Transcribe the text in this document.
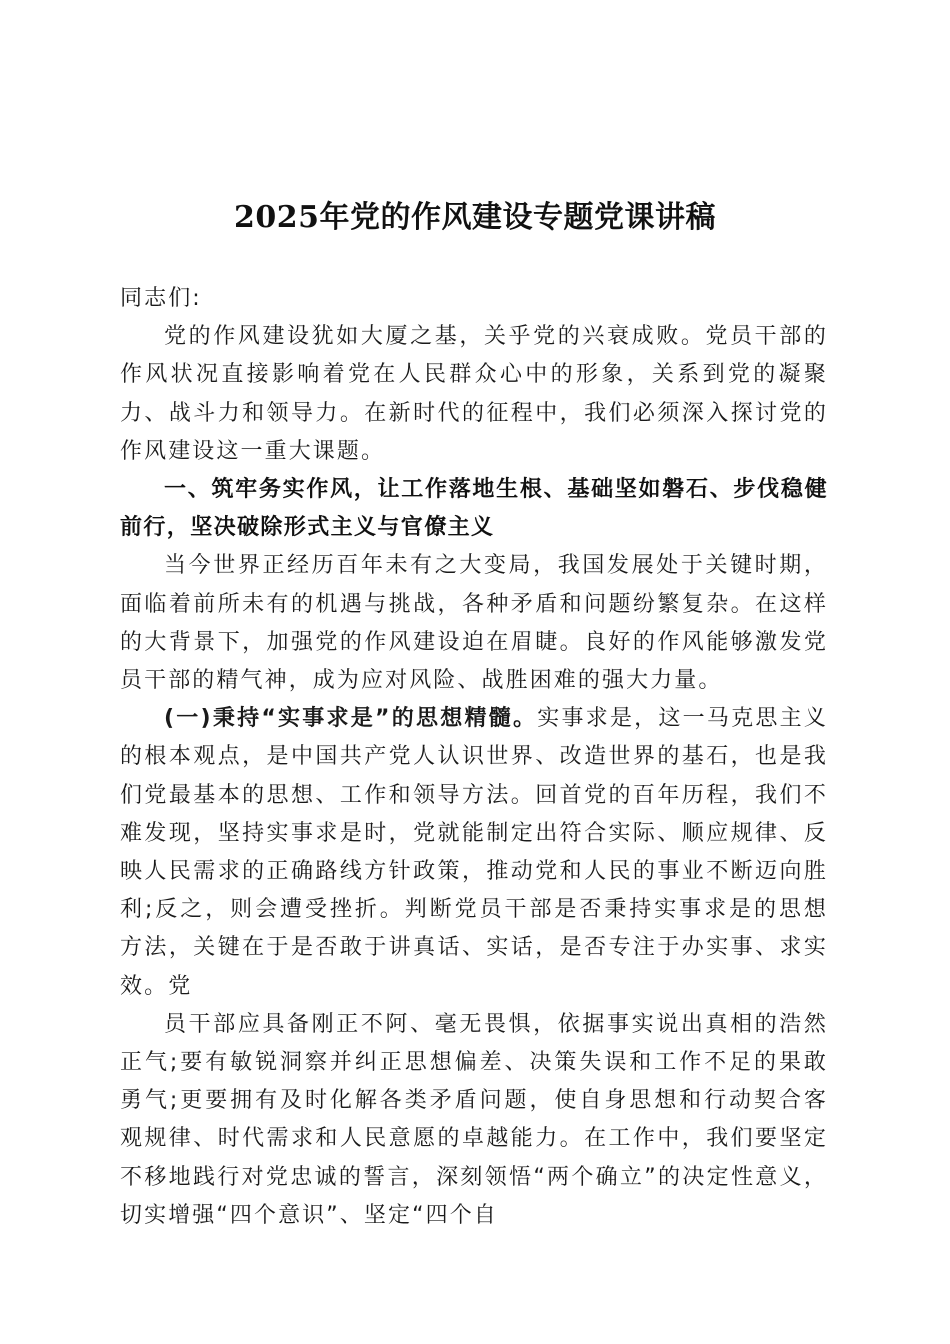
2025年党的作风建设专题党课讲稿

同志们:

党的作风建设犹如大厦之基，关乎党的兴衰成败。党员干部的作风状况直接影响着党在人民群众心中的形象，关系到党的凝聚力、战斗力和领导力。在新时代的征程中，我们必须深入探讨党的作风建设这一重大课题。

一、筑牢务实作风，让工作落地生根、基础坚如磐石、步伐稳健前行，坚决破除形式主义与官僚主义

当今世界正经历百年未有之大变局，我国发展处于关键时期，面临着前所未有的机遇与挑战，各种矛盾和问题纷繁复杂。在这样的大背景下，加强党的作风建设迫在眉睫。良好的作风能够激发党员干部的精气神，成为应对风险、战胜困难的强大力量。

(一)秉持“实事求是”的思想精髓。实事求是，这一马克思主义的根本观点，是中国共产党人认识世界、改造世界的基石，也是我们党最基本的思想、工作和领导方法。回首党的百年历程，我们不难发现，坚持实事求是时，党就能制定出符合实际、顺应规律、反映人民需求的正确路线方针政策，推动党和人民的事业不断迈向胜利;反之，则会遭受挫折。判断党员干部是否秉持实事求是的思想方法，关键在于是否敢于讲真话、实话，是否专注于办实事、求实效。党

员干部应具备刚正不阿、毫无畏惧，依据事实说出真相的浩然正气;要有敏锐洞察并纠正思想偏差、决策失误和工作不足的果敢勇气;更要拥有及时化解各类矛盾问题，使自身思想和行动契合客观规律、时代需求和人民意愿的卓越能力。在工作中，我们要坚定不移地践行对党忠诚的誓言，深刻领悟“两个确立”的决定性意义，切实增强“四个意识”、坚定“四个自
